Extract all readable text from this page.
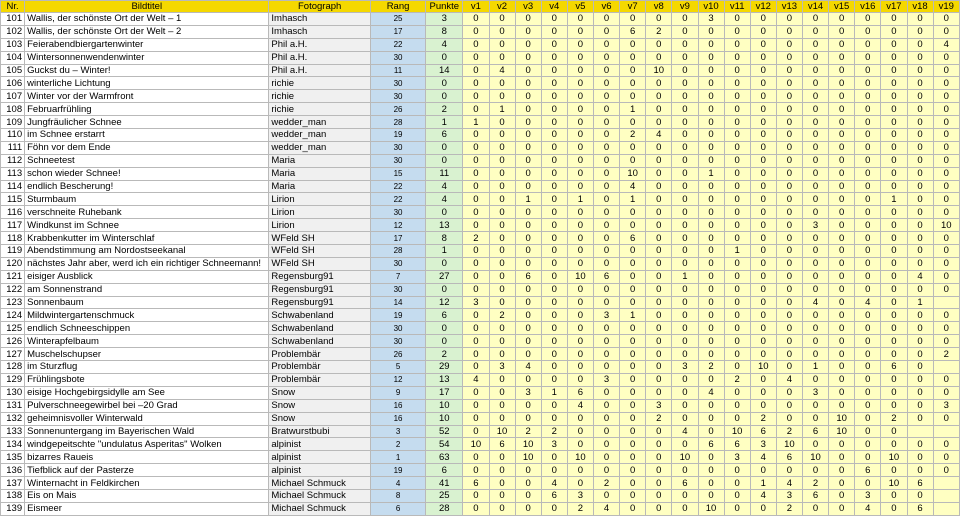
Nr.	Bildtitel	Fotograph	Rang	Punkte	v1	v2	v3	v4	v5	v6	v7	v8	v9	v10	v11	v12	v13	v14	v15	v16	v17	v18	v19
101	Wallis, der schönste Ort der Welt – 1	Imhasch	25	3	0	0	0	0	0	0	0	0	0	3	0	0	0	0	0	0	0	0	0
102	Wallis, der schönste Ort der Welt – 2	Imhasch	17	8	0	0	0	0	0	0	6	2	0	0	0	0	0	0	0	0	0	0	0
103	Feierabendbiergartenwinter	Phil a.H.	22	4	0	0	0	0	0	0	0	0	0	0	0	0	0	0	0	0	0	0	4
104	Wintersonnenwendenwinter	Phil a.H.	30	0	0	0	0	0	0	0	0	0	0	0	0	0	0	0	0	0	0	0	0
105	Guckst du – Winter!	Phil a.H.	11	14	0	4	0	0	0	0	0	10	0	0	0	0	0	0	0	0	0	0	0
106	winterliche Lichtung	richie	30	0	0	0	0	0	0	0	0	0	0	0	0	0	0	0	0	0	0	0	0
107	Winter vor der Warmfront	richie	30	0	0	0	0	0	0	0	0	0	0	0	0	0	0	0	0	0	0	0	0
108	Februarfrühling	richie	26	2	0	1	0	0	0	0	1	0	0	0	0	0	0	0	0	0	0	0	0
109	Jungfräulicher Schnee	wedder_man	28	1	1	0	0	0	0	0	0	0	0	0	0	0	0	0	0	0	0	0	0
110	im Schnee erstarrt	wedder_man	19	6	0	0	0	0	0	0	2	4	0	0	0	0	0	0	0	0	0	0	0
111	Föhn vor dem Ende	wedder_man	30	0	0	0	0	0	0	0	0	0	0	0	0	0	0	0	0	0	0	0	0
112	Schneetest	Maria	30	0	0	0	0	0	0	0	0	0	0	0	0	0	0	0	0	0	0	0	0
113	schon wieder Schnee!	Maria	15	11	0	0	0	0	0	0	10	0	0	1	0	0	0	0	0	0	0	0	0
114	endlich Bescherung!	Maria	22	4	0	0	0	0	0	0	4	0	0	0	0	0	0	0	0	0	0	0	0
115	Sturmbaum	Lirion	22	4	0	0	1	0	1	0	1	0	0	0	0	0	0	0	0	0	1	0	0
116	verschneite Ruhebank	Lirion	30	0	0	0	0	0	0	0	0	0	0	0	0	0	0	0	0	0	0	0	0
117	Windkunst im Schnee	Lirion	12	13	0	0	0	0	0	0	0	0	0	0	0	0	0	3	0	0	0	0	10
118	Krabbenkutter im Winterschlaf	WFeld SH	17	8	2	0	0	0	0	0	6	0	0	0	0	0	0	0	0	0	0	0	0
119	Abendstimmung am Nordostseekanal	WFeld SH	28	1	0	0	0	0	0	0	0	0	0	0	1	0	0	0	0	0	0	0	0
120	nächstes Jahr aber, werd ich ein richtiger Schneemann!	WFeld SH	30	0	0	0	0	0	0	0	0	0	0	0	0	0	0	0	0	0	0	0	0
121	eisiger Ausblick	Regensburg91	7	27	0	0	6	0	10	6	0	0	1	0	0	0	0	0	0	0	0	4	0
122	am Sonnenstrand	Regensburg91	30	0	0	0	0	0	0	0	0	0	0	0	0	0	0	0	0	0	0	0	0
123	Sonnenbaum	Regensburg91	14	12	3	0	0	0	0	0	0	0	0	0	0	0	0	4	0	4	0	1	
124	Mildwintergartenschmuck	Schwabenland	19	6	0	2	0	0	0	3	1	0	0	0	0	0	0	0	0	0	0	0	0
125	endlich Schneeschippen	Schwabenland	30	0	0	0	0	0	0	0	0	0	0	0	0	0	0	0	0	0	0	0	0
126	Winterapfelbaum	Schwabenland	30	0	0	0	0	0	0	0	0	0	0	0	0	0	0	0	0	0	0	0	0
127	Muschelschupser	Problembär	26	2	0	0	0	0	0	0	0	0	0	0	0	0	0	0	0	0	0	0	2
128	im Sturzflug	Problembär	5	29	0	3	4	0	0	0	0	0	3	2	0	10	0	1	0	0	6	0	
129	Frühlingsbote	Problembär	12	13	4	0	0	0	0	3	0	0	0	0	2	0	4	0	0	0	0	0	0
130	eisige Hochgebirgsidylle am See	Snow	9	17	0	0	3	1	6	0	0	0	0	4	0	0	0	3	0	0	0	0	0
131	Pulverschneegewirbel bei –20 Grad	Snow	16	10	0	0	0	0	4	0	0	3	0	0	0	0	0	0	0	0	0	0	3
132	geheimnisvoller Winterwald	Snow	16	10	0	0	0	0	0	0	0	2	0	0	0	2	0	0	10	0	2	0	0
133	Sonnenuntergang im Bayerischen Wald	Bratwurstbubi	3	52	0	10	2	2	0	0	0	0	4	0	10	6	2	6	10	0	0		
134	windgepeitschte "undulatus Asperitas" Wolken	alpinist	2	54	10	6	10	3	0	0	0	0	0	6	6	3	10	0	0	0	0	0	0
135	bizarres Raueis	alpinist	1	63	0	0	10	0	10	0	0	0	10	0	3	4	6	10	0	0	10	0	0
136	Tiefblick auf der Pasterze	alpinist	19	6	0	0	0	0	0	0	0	0	0	0	0	0	0	0	0	6	0	0	0
137	Winternacht in Feldkirchen	Michael Schmuck	4	41	6	0	0	4	0	2	0	0	6	0	0	1	4	2	0	0	10	6	
138	Eis on Mais	Michael Schmuck	8	25	0	0	0	6	3	0	0	0	0	0	0	4	3	6	0	3	0	0	
139	Eismeer	Michael Schmuck	6	28	0	0	0	0	2	4	0	0	0	10	0	0	2	0	0	4	0	6	
